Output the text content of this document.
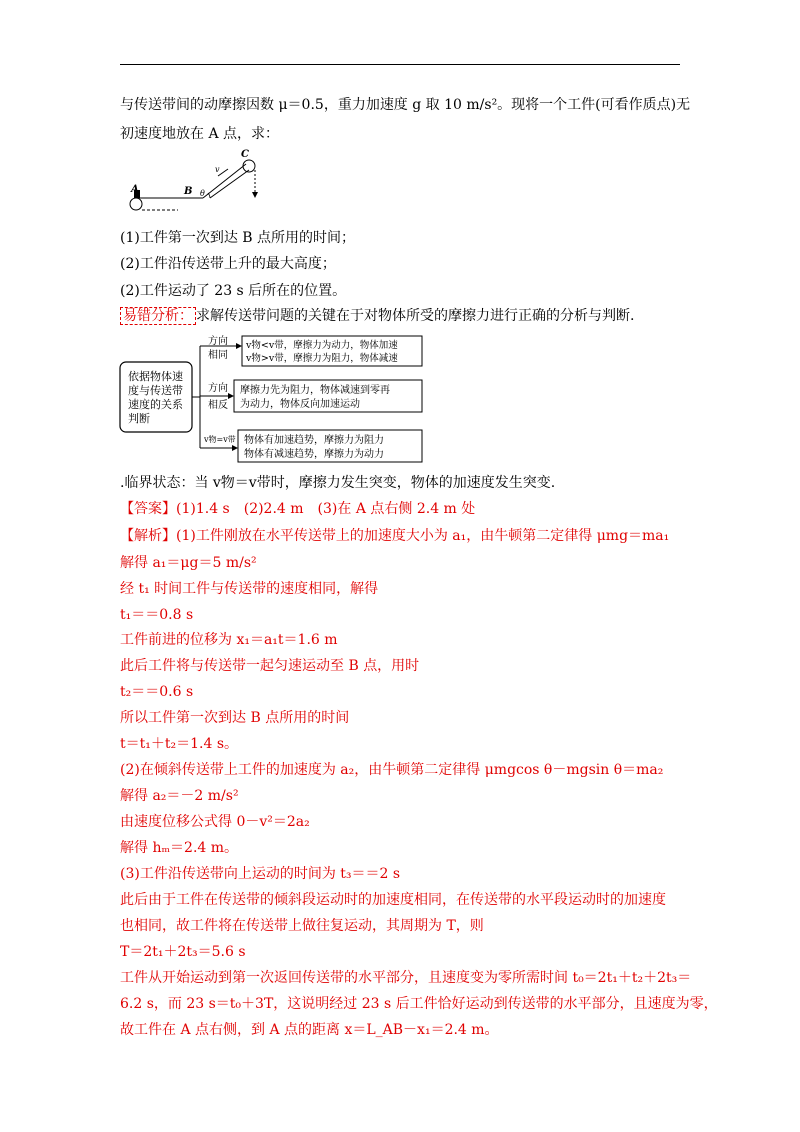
与传送带间的动摩擦因数 μ＝0.5，重力加速度 g 取 10 m/s²。现将一个工件(可看作质点)无
初速度地放在 A 点，求：
A	B
C
v
θ
(1)工件第一次到达 B 点所用的时间；
(2)工件沿传送带上升的最大高度；
(2)工件运动了 23 s 后所在的位置。
易错分析： 求解传送带问题的关键在于对物体所受的摩擦力进行正确的分析与判断.
依据物体速 度与传送带 速度的关系 判断
方向 相同
v物<v带，摩擦力为动力，物体加速 v物>v带，摩擦力为阻力，物体减速
方向 相反
摩擦力先为阻力，物体减速到零再 为动力，物体反向加速运动
v物=v带 物体有加速趋势，摩擦力为阻力 物体有减速趋势，摩擦力为动力
.临界状态：当 v物＝v带时，摩擦力发生突变，物体的加速度发生突变.
【答案】(1)1.4 s　(2)2.4 m　(3)在 A 点右侧 2.4 m 处
【解析】(1)工件刚放在水平传送带上的加速度大小为 a₁，由牛顿第二定律得 μmg＝ma₁
解得 a₁＝μg＝5 m/s²
经 t₁ 时间工件与传送带的速度相同，解得
t₁＝＝0.8 s
工件前进的位移为 x₁＝a₁t＝1.6 m
此后工件将与传送带一起匀速运动至 B 点，用时
t₂＝＝0.6 s
所以工件第一次到达 B 点所用的时间
t＝t₁＋t₂＝1.4 s。
(2)在倾斜传送带上工件的加速度为 a₂，由牛顿第二定律得 μmgcos θ－mgsin θ＝ma₂
解得 a₂＝－2 m/s²
由速度位移公式得 0－v²＝2a₂
解得 hₘ＝2.4 m。
(3)工件沿传送带向上运动的时间为 t₃＝＝2 s
此后由于工件在传送带的倾斜段运动时的加速度相同，在传送带的水平段运动时的加速度
也相同，故工件将在传送带上做往复运动，其周期为 T，则
T＝2t₁＋2t₃＝5.6 s
工件从开始运动到第一次返回传送带的水平部分，且速度变为零所需时间 t₀＝2t₁＋t₂＋2t₃＝
6.2 s，而 23 s＝t₀＋3T，这说明经过 23 s 后工件恰好运动到传送带的水平部分，且速度为零，
故工件在 A 点右侧，到 A 点的距离 x＝L_AB－x₁＝2.4 m。
